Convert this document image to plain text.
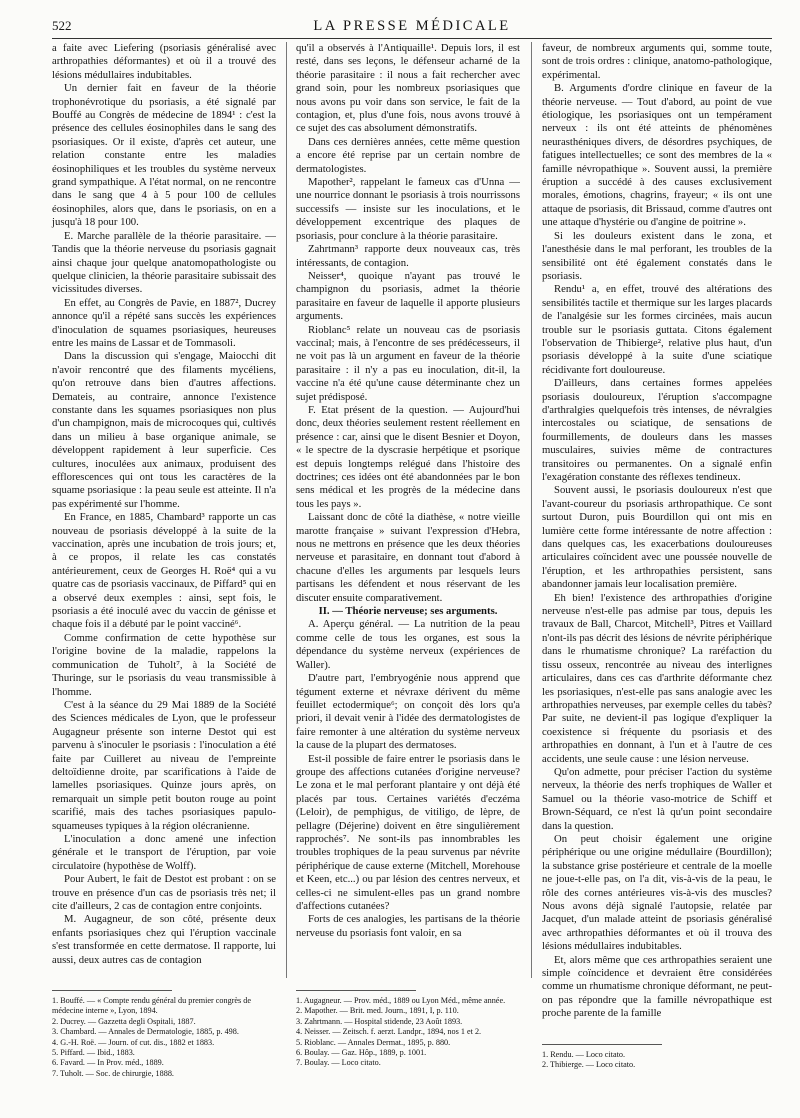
522	LA PRESSE MÉDICALE

a faite avec Liefering (psoriasis généralisé avec arthropathies déformantes) et où il a trouvé des lésions médullaires indubitables.

Un dernier fait en faveur de la théorie trophonévrotique du psoriasis, a été signalé par Bouffé au Congrès de médecine de 1894¹ : c'est la présence des cellules éosinophiles dans le sang des psoriasiques. Or il existe, d'après cet auteur, une relation constante entre les maladies éosinophiliques et les troubles du système nerveux grand sympathique. A l'état normal, on ne rencontre dans le sang que 4 à 5 pour 100 de cellules éosinophiles, alors que, dans le psoriasis, on en a jusqu'à 18 pour 100.

E. Marche parallèle de la théorie parasitaire. — Tandis que la théorie nerveuse du psoriasis gagnait ainsi chaque jour quelque anatomopathologiste ou quelque clinicien, la théorie parasitaire subissait des vicissitudes diverses.

En effet, au Congrès de Pavie, en 1887², Ducrey annonce qu'il a répété sans succès les expériences d'inoculation de squames psoriasiques, heureuses entre les mains de Lassar et de Tommasoli.

Dans la discussion qui s'engage, Maiocchi dit n'avoir rencontré que des filaments mycéliens, qu'on retrouve dans bien d'autres affections. Demateis, au contraire, annonce l'existence constante dans les squames psoriasiques non plus d'un champignon, mais de microcoques qui, cultivés dans un milieu à base organique animale, se développent rapidement à leur superficie. Ces cultures, inoculées aux animaux, produisent des efflorescences qui ont tous les caractères de la squame psoriasique : la peau seule est atteinte. Il n'a pas expérimenté sur l'homme.

En France, en 1885, Chambard³ rapporte un cas nouveau de psoriasis développé à la suite de la vaccination, après une incubation de trois jours; et, à ce propos, il relate les cas constatés antérieurement, ceux de Georges H. Roë⁴ qui a vu quatre cas de psoriasis vaccinaux, de Piffard⁵ qui en a observé deux exemples : ainsi, sept fois, le psoriasis a été inoculé avec du vaccin de génisse et chaque fois il a débuté par le point vacciné⁶.

Comme confirmation de cette hypothèse sur l'origine bovine de la maladie, rappelons la communication de Tuholt⁷, à la Société de Thuringe, sur le psoriasis du veau transmissible à l'homme.

C'est à la séance du 29 Mai 1889 de la Société des Sciences médicales de Lyon, que le professeur Augagneur présente son interne Destot qui est parvenu à s'inoculer le psoriasis : l'inoculation a été faite par Cuilleret au niveau de l'empreinte deltoïdienne droite, par scarifications à l'aide de lamelles psoriasiques. Quinze jours après, on remarquait un simple petit bouton rouge au point scarifié, mais des taches psoriasiques papulo-squameuses typiques à la région olécranienne.

L'inoculation a donc amené une infection générale et le transport de l'éruption, par voie circulatoire (hypothèse de Wolff).

Pour Aubert, le fait de Destot est probant : on se trouve en présence d'un cas de psoriasis très net; il cite d'ailleurs, 2 cas de contagion entre conjoints.

M. Augagneur, de son côté, présente deux enfants psoriasiques chez qui l'éruption vaccinale s'est transformée en cette dermatose. Il rapporte, lui aussi, deux autres cas de contagion

qu'il a observés à l'Antiquaille¹. Depuis lors, il est resté, dans ses leçons, le défenseur acharné de la théorie parasitaire : il nous a fait rechercher avec grand soin, pour les nombreux psoriasiques que nous avons pu voir dans son service, le fait de la contagion, et, plus d'une fois, nous avons trouvé à ce sujet des cas absolument démonstratifs.

Dans ces dernières années, cette même question a encore été reprise par un certain nombre de dermatologistes.

Mapother², rappelant le fameux cas d'Unna — une nourrice donnant le psoriasis à trois nourrissons successifs — insiste sur les inoculations, et le développement excentrique des plaques de psoriasis, pour conclure à la théorie parasitaire.

Zahrtmann³ rapporte deux nouveaux cas, très intéressants, de contagion.

Neisser⁴, quoique n'ayant pas trouvé le champignon du psoriasis, admet la théorie parasitaire en faveur de laquelle il apporte plusieurs arguments.

Rioblanc⁵ relate un nouveau cas de psoriasis vaccinal; mais, à l'encontre de ses prédécesseurs, il ne voit pas là un argument en faveur de la théorie parasitaire : il n'y a pas eu inoculation, dit-il, la vaccine n'a été qu'une cause déterminante chez un sujet prédisposé.

F. Etat présent de la question. — Aujourd'hui donc, deux théories seulement restent réellement en présence : car, ainsi que le disent Besnier et Doyon, « le spectre de la dyscrasie herpétique et psorique est depuis longtemps relégué dans l'histoire des doctrines; ces idées ont été abandonnées par le bon sens médical et les progrès de la médecine dans tous les pays ».

Laissant donc de côté la diathèse, « notre vieille marotte française » suivant l'expression d'Hebra, nous ne mettrons en présence que les deux théories nerveuse et parasitaire, en donnant tout d'abord à chacune d'elles les arguments par lesquels leurs partisans les défendent et nous réservant de les discuter ensuite comparativement.

II. — Théorie nerveuse; ses arguments.

A. Aperçu général. — La nutrition de la peau comme celle de tous les organes, est sous la dépendance du système nerveux (expériences de Waller).

D'autre part, l'embryogénie nous apprend que tégument externe et névraxe dérivent du même feuillet ectodermique⁶; on conçoit dès lors qu'a priori, il devait venir à l'idée des dermatologistes de faire remonter à une altération du système nerveux la cause de la plupart des dermatoses.

Est-il possible de faire entrer le psoriasis dans le groupe des affections cutanées d'origine nerveuse? Le zona et le mal perforant plantaire y ont déjà été placés par tous. Certaines variétés d'eczéma (Leloir), de pemphigus, de vitiligo, de lèpre, de pellagre (Déjerine) doivent en être singulièrement rapprochés⁷. Ne sont-ils pas innombrables les troubles trophiques de la peau survenus par névrite périphérique de cause externe (Mitchell, Morehouse et Keen, etc...) ou par lésion des centres nerveux, et celles-ci ne simulent-elles pas un grand nombre d'affections cutanées?

Forts de ces analogies, les partisans de la théorie nerveuse du psoriasis font valoir, en sa

faveur, de nombreux arguments qui, somme toute, sont de trois ordres : clinique, anatomo-pathologique, expérimental.

B. Arguments d'ordre clinique en faveur de la théorie nerveuse. — Tout d'abord, au point de vue étiologique, les psoriasiques ont un tempérament nerveux : ils ont été atteints de phénomènes neurasthéniques divers, de désordres psychiques, de fatigues intellectuelles; ce sont des membres de la « famille névropathique ». Souvent aussi, la première éruption a succédé à des causes exclusivement morales, émotions, chagrins, frayeur; « ils ont une attaque de psoriasis, dit Brissaud, comme d'autres ont une attaque d'hystérie ou d'angine de poitrine ».

Si les douleurs existent dans le zona, et l'anesthésie dans le mal perforant, les troubles de la sensibilité ont été également constatés dans le psoriasis.

Rendu¹ a, en effet, trouvé des altérations des sensibilités tactile et thermique sur les larges placards de l'analgésie sur les formes circinées, mais aucun trouble sur le psoriasis guttata. Citons également l'observation de Thibierge², relative plus haut, d'un psoriasis développé à la suite d'une sciatique récidivante fort douloureuse.

D'ailleurs, dans certaines formes appelées psoriasis douloureux, l'éruption s'accompagne d'arthralgies quelquefois très intenses, de névralgies intercostales ou sciatique, de sensations de fourmillements, de douleurs dans les masses musculaires, suivies même de contractures transitoires ou permanentes. On a signalé enfin l'exagération constante des réflexes tendineux.

Souvent aussi, le psoriasis douloureux n'est que l'avant-coureur du psoriasis arthropathique. Ce sont surtout Duron, puis Bourdillon qui ont mis en lumière cette forme intéressante de notre affection : dans quelques cas, les exacerbations douloureuses articulaires coïncident avec une poussée nouvelle de l'éruption, et les arthropathies persistent, sans abandonner jamais leur localisation première.

Eh bien! l'existence des arthropathies d'origine nerveuse n'est-elle pas admise par tous, depuis les travaux de Ball, Charcot, Mitchell³, Pitres et Vaillard n'ont-ils pas décrit des lésions de névrite périphérique dans le rhumatisme chronique? La raréfaction du tissu osseux, rencontrée au niveau des interlignes articulaires, dans ces cas d'arthrite déformante chez les psoriasiques, n'est-elle pas sans analogie avec les arthropathies nerveuses, par exemple celles du tabès? Par suite, ne devient-il pas logique d'expliquer la coexistence si fréquente du psoriasis et des arthropathies en donnant, à l'un et à l'autre de ces accidents, une seule cause : une lésion nerveuse.

Qu'on admette, pour préciser l'action du système nerveux, la théorie des nerfs trophiques de Waller et Samuel ou la théorie vaso-motrice de Schiff et Brown-Séquard, ce n'est là qu'un point secondaire dans la question.

On peut choisir également une origine périphérique ou une origine médullaire (Bourdillon); la substance grise postérieure et centrale de la moelle ne joue-t-elle pas, on l'a dit, vis-à-vis de la peau, le rôle des cornes antérieures vis-à-vis des muscles? Nous avons déjà signalé l'autopsie, relatée par Jacquet, d'un malade atteint de psoriasis généralisé avec arthropathies déformantes et où il trouva des lésions médullaires indubitables.

Et, alors même que ces arthropathies seraient une simple coïncidence et devraient être considérées comme un rhumatisme chronique déformant, ne peut-on pas répondre que la famille névropathique est proche parente de la famille

1. Bouffé. — « Compte rendu général du premier congrès de médecine interne », Lyon, 1894.
2. Ducrey. — Gazzetta degli Ospitali, 1887.
3. Chambard. — Annales de Dermatologie, 1885, p. 498.
4. G.-H. Roë. — Journ. of cut. dis., 1882 et 1883.
5. Piffard. — Ibid., 1883.
6. Favard. — In Prov. méd., 1889.
7. Tuholt. — Soc. de chirurgie, 1888.
1. Augagneur. — Prov. méd., 1889 ou Lyon Méd., même année.
2. Mapother. — Brit. med. Journ., 1891, I, p. 110.
3. Zahrtmann. — Hospital stidende, 23 Août 1893.
4. Neisser. — Zeitsch. f. aerzt. Landpr., 1894, nos 1 et 2.
5. Rioblanc. — Annales Dermat., 1895, p. 880.
6. Boulay. — Gaz. Hôp., 1889, p. 1001.
7. Boulay. — Loco citato.
1. Rendu. — Loco citato.
2. Thibierge. — Loco citato.
